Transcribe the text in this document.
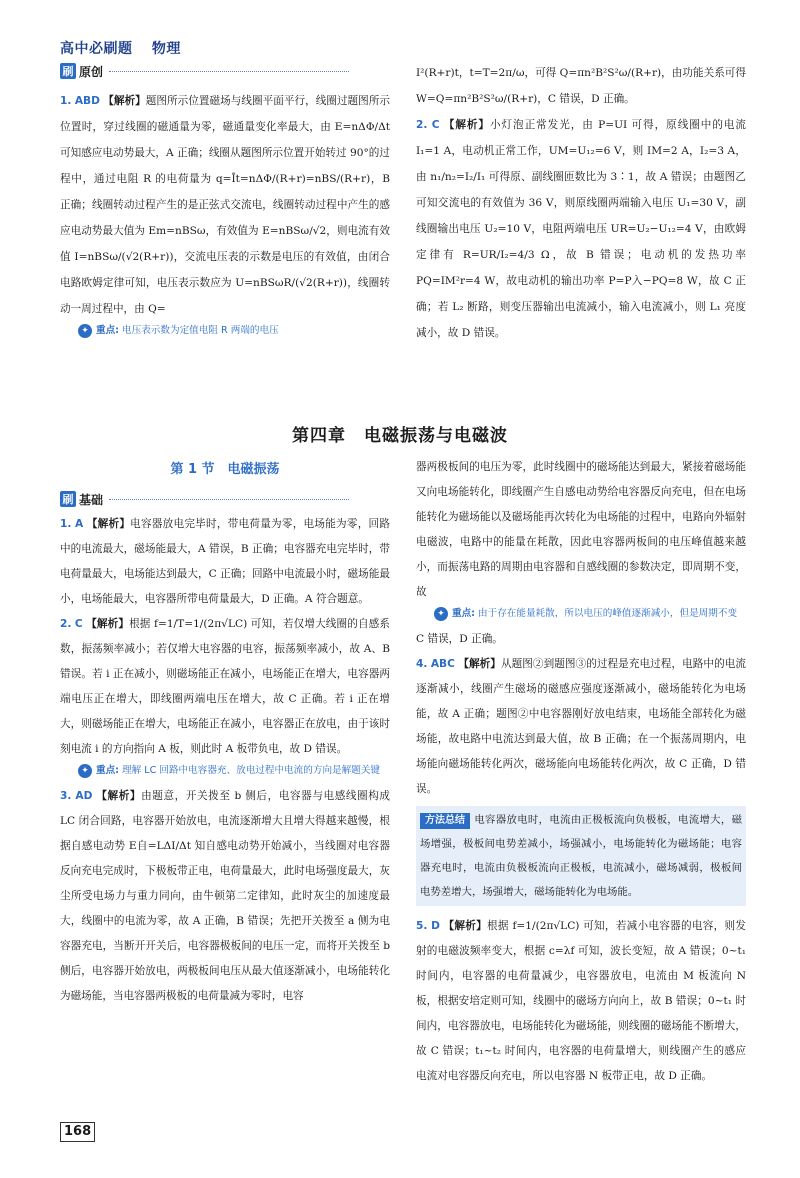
高中必刷题 物理
刷 原创

1. ABD 【解析】题图所示位置磁场与线圈平面平行，线圈过题图所示位置时，穿过线圈的磁通量为零，磁通量变化率最大，由 E=nΔΦ/Δt 可知感应电动势最大，A 正确；线圈从题图所示位置开始转过 90°的过程中，通过电阻 R 的电荷量为 q=Īt=nΔΦ/(R+r)=nBS/(R+r)，B 正确；线圈转动过程产生的是正弦式交流电，线圈转动过程中产生的感应电动势最大值为 Em=nBSω，有效值为 E=nBSω/√2，则电流有效值 I=nBSω/(√2(R+r))，交流电压表的示数是电压的有效值，由闭合电路欧姆定律可知，电压表示数应为 U=nBSωR/(√2(R+r))，线圈转动一周过程中，由 Q=

✦ 重点: 电压表示数为定值电阻 R 两端的电压

I²(R+r)t，t=T=2π/ω，可得 Q=πn²B²S²ω/(R+r)，由功能关系可得 W=Q=πn²B²S²ω/(R+r)，C 错误，D 正确。

2. C 【解析】小灯泡正常发光，由 P=UI 可得，原线圈中的电流 I₁=1 A，电动机正常工作，UM=U₁₂=6 V，则 IM=2 A，I₂=3 A，由 n₁/n₂=I₂/I₁ 可得原、副线圈匝数比为 3∶1，故 A 错误；由题图乙可知交流电的有效值为 36 V，则原线圈两端输入电压 U₁=30 V，副线圈输出电压 U₂=10 V，电阻两端电压 UR=U₂−U₁₂=4 V，由欧姆定律有 R=UR/I₂=4/3 Ω，故 B 错误；电动机的发热功率 PQ=IM²r=4 W，故电动机的输出功率 P=P入−PQ=8 W，故 C 正确；若 L₂ 断路，则变压器输出电流减小，输入电流减小，则 L₁ 亮度减小，故 D 错误。

第四章　电磁振荡与电磁波
第 1 节　电磁振荡
刷 基础

1. A 【解析】电容器放电完毕时，带电荷量为零，电场能为零，回路中的电流最大，磁场能最大，A 错误，B 正确；电容器充电完毕时，带电荷量最大，电场能达到最大，C 正确；回路中电流最小时，磁场能最小，电场能最大，电容器所带电荷量最大，D 正确。A 符合题意。

2. C 【解析】根据 f=1/T=1/(2π√LC) 可知，若仅增大线圈的自感系数，振荡频率减小；若仅增大电容器的电容，振荡频率减小，故 A、B 错误。若 i 正在减小，则磁场能正在减小，电场能正在增大，电容器两端电压正在增大，即线圈两端电压在增大，故 C 正确。若 i 正在增大，则磁场能正在增大，电场能正在减小，电容器正在放电，由于该时刻电流 i 的方向指向 A 板，则此时 A 板带负电，故 D 错误。

✦ 重点: 理解 LC 回路中电容器充、放电过程中电流的方向是解题关键

3. AD 【解析】由题意，开关拨至 b 侧后，电容器与电感线圈构成 LC 闭合回路，电容器开始放电，电流逐渐增大且增大得越来越慢，根据自感电动势 E自=LΔI/Δt 知自感电动势开始减小，当线圈对电容器反向充电完成时，下极板带正电，电荷量最大，此时电场强度最大，灰尘所受电场力与重力同向，由牛顿第二定律知，此时灰尘的加速度最大，线圈中的电流为零，故 A 正确，B 错误；先把开关拨至 a 侧为电容器充电，当断开开关后，电容器极板间的电压一定，而将开关拨至 b 侧后，电容器开始放电，两极板间电压从最大值逐渐减小，电场能转化为磁场能，当电容器两极板的电荷量减为零时，电容

器两极板间的电压为零，此时线圈中的磁场能达到最大，紧接着磁场能又向电场能转化，即线圈产生自感电动势给电容器反向充电，但在电场能转化为磁场能以及磁场能再次转化为电场能的过程中，电路向外辐射电磁波，电路中的能量在耗散，因此电容器两板间的电压峰值越来越小，而振荡电路的周期由电容器和自感线圈的参数决定，即周期不变，故

✦ 重点: 由于存在能量耗散，所以电压的峰值逐渐减小，但是周期不变

C 错误，D 正确。

4. ABC 【解析】从题图②到题图③的过程是充电过程，电路中的电流逐渐减小，线圈产生磁场的磁感应强度逐渐减小，磁场能转化为电场能，故 A 正确；题图②中电容器刚好放电结束，电场能全部转化为磁场能，故电路中电流达到最大值，故 B 正确；在一个振荡周期内，电场能向磁场能转化两次，磁场能向电场能转化两次，故 C 正确，D 错误。

方法总结 电容器放电时，电流由正极板流向负极板，电流增大，磁场增强，极板间电势差减小，场强减小，电场能转化为磁场能；电容器充电时，电流由负极板流向正极板，电流减小，磁场减弱，极板间电势差增大，场强增大，磁场能转化为电场能。

5. D 【解析】根据 f=1/(2π√LC) 可知，若减小电容器的电容，则发射的电磁波频率变大，根据 c=λf 可知，波长变短，故 A 错误；0~t₁ 时间内，电容器的电荷量减少，电容器放电，电流由 M 板流向 N 板，根据安培定则可知，线圈中的磁场方向向上，故 B 错误；0~t₁ 时间内，电容器放电，电场能转化为磁场能，则线圈的磁场能不断增大，故 C 错误；t₁~t₂ 时间内，电容器的电荷量增大，则线圈产生的感应电流对电容器反向充电，所以电容器 N 板带正电，故 D 正确。

168
